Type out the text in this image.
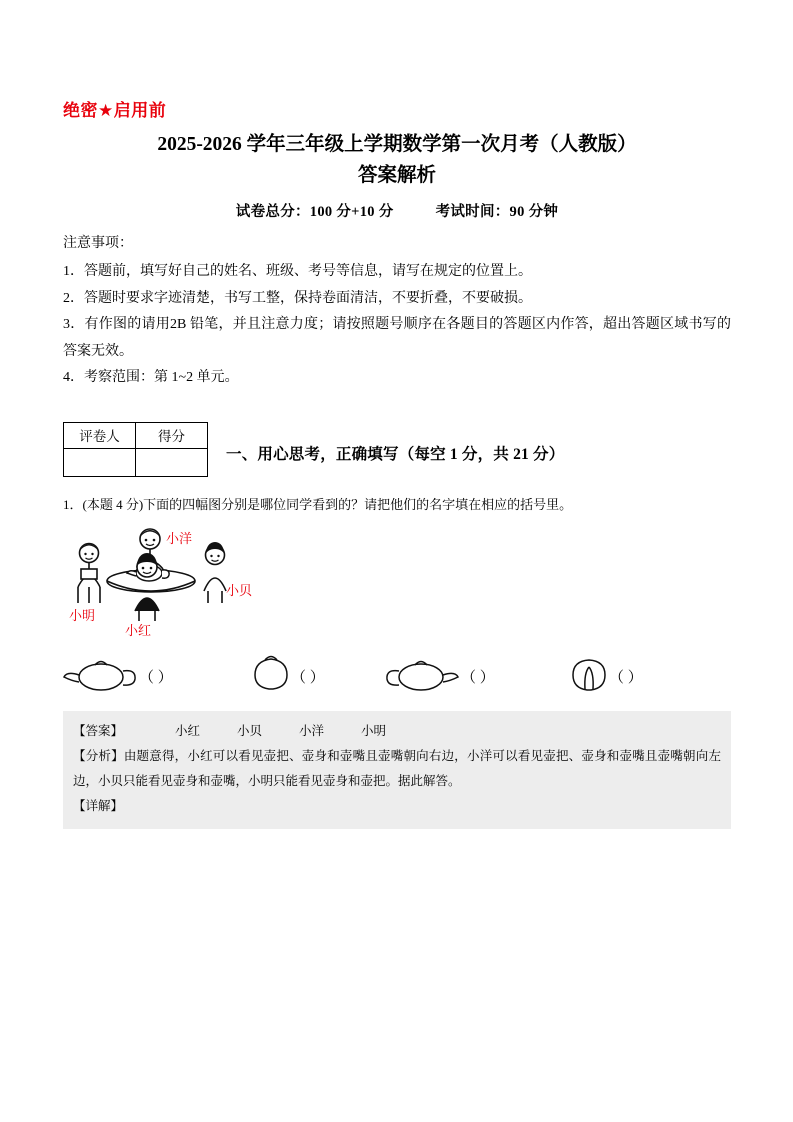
绝密★启用前
2025-2026 学年三年级上学期数学第一次月考（人教版）
答案解析
试卷总分：100 分+10 分	考试时间：90 分钟
注意事项：
1．答题前，填写好自己的姓名、班级、考号等信息，请写在规定的位置上。
2．答题时要求字迹清楚，书写工整，保持卷面清洁，不要折叠，不要破损。
3．有作图的请用2B 铅笔，并且注意力度；请按照题号顺序在各题目的答题区内作答，超出答题区域书写的答案无效。
4．考察范围：第 1~2 单元。
评卷人	得分

一、用心思考，正确填写（每空 1 分，共 21 分）
1．(本题 4 分)下面的四幅图分别是哪位同学看到的？请把他们的名字填在相应的括号里。
小洋
小明
小红
小贝
（ ）	（ ）	（ ）	（ ）
【答案】	小红	小贝	小洋	小明
【分析】由题意得，小红可以看见壶把、壶身和壶嘴且壶嘴朝向右边，小洋可以看见壶把、壶身和壶嘴且壶嘴朝向左边，小贝只能看见壶身和壶嘴，小明只能看见壶身和壶把。据此解答。
【详解】
